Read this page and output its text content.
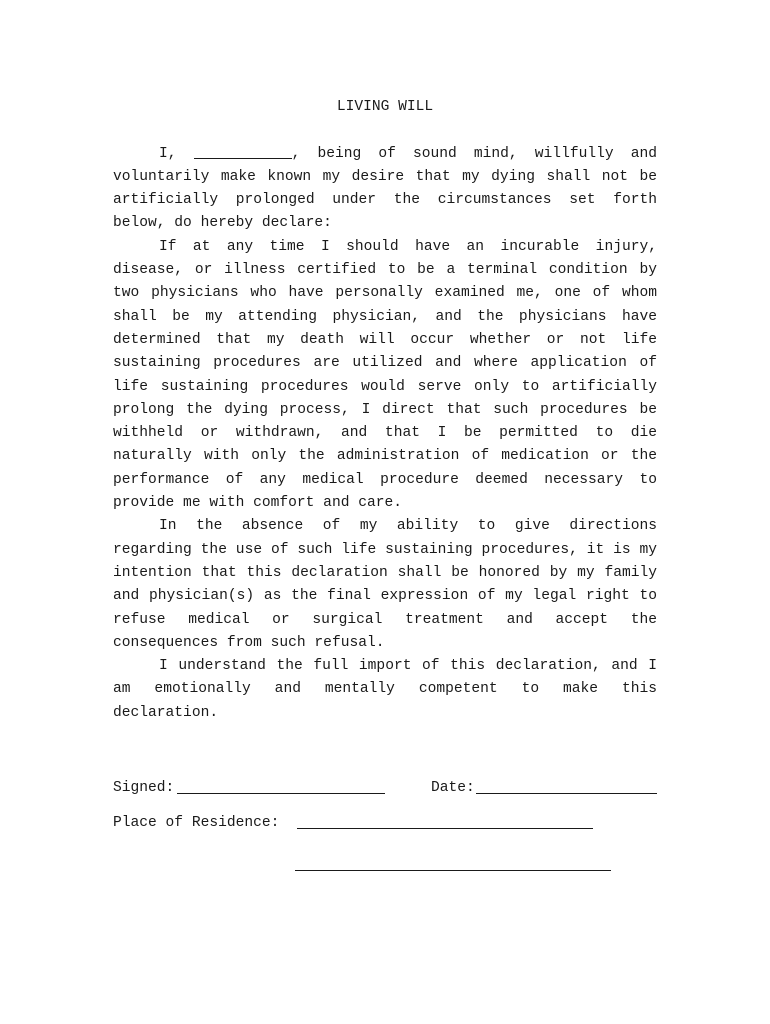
LIVING WILL

I,	, being of sound mind, willfully and voluntarily make known my desire that my dying shall not be artificially prolonged under the circumstances set forth below, do hereby declare:

If at any time I should have an incurable injury, disease, or illness certified to be a terminal condition by two physicians who have personally examined me, one of whom shall be my attending physician, and the physicians have determined that my death will occur whether or not life sustaining procedures are utilized and where application of life sustaining procedures would serve only to artificially prolong the dying process, I direct that such procedures be withheld or withdrawn, and that I be permitted to die naturally with only the administration of medication or the performance of any medical procedure deemed necessary to provide me with comfort and care.

In the absence of my ability to give directions regarding the use of such life sustaining procedures, it is my intention that this declaration shall be honored by my family and physician(s) as the final expression of my legal right to refuse medical or surgical treatment and accept the consequences from such refusal.

I understand the full import of this declaration, and I am emotionally and mentally competent to make this declaration.

Signed:	Date:
Place of Residence:
